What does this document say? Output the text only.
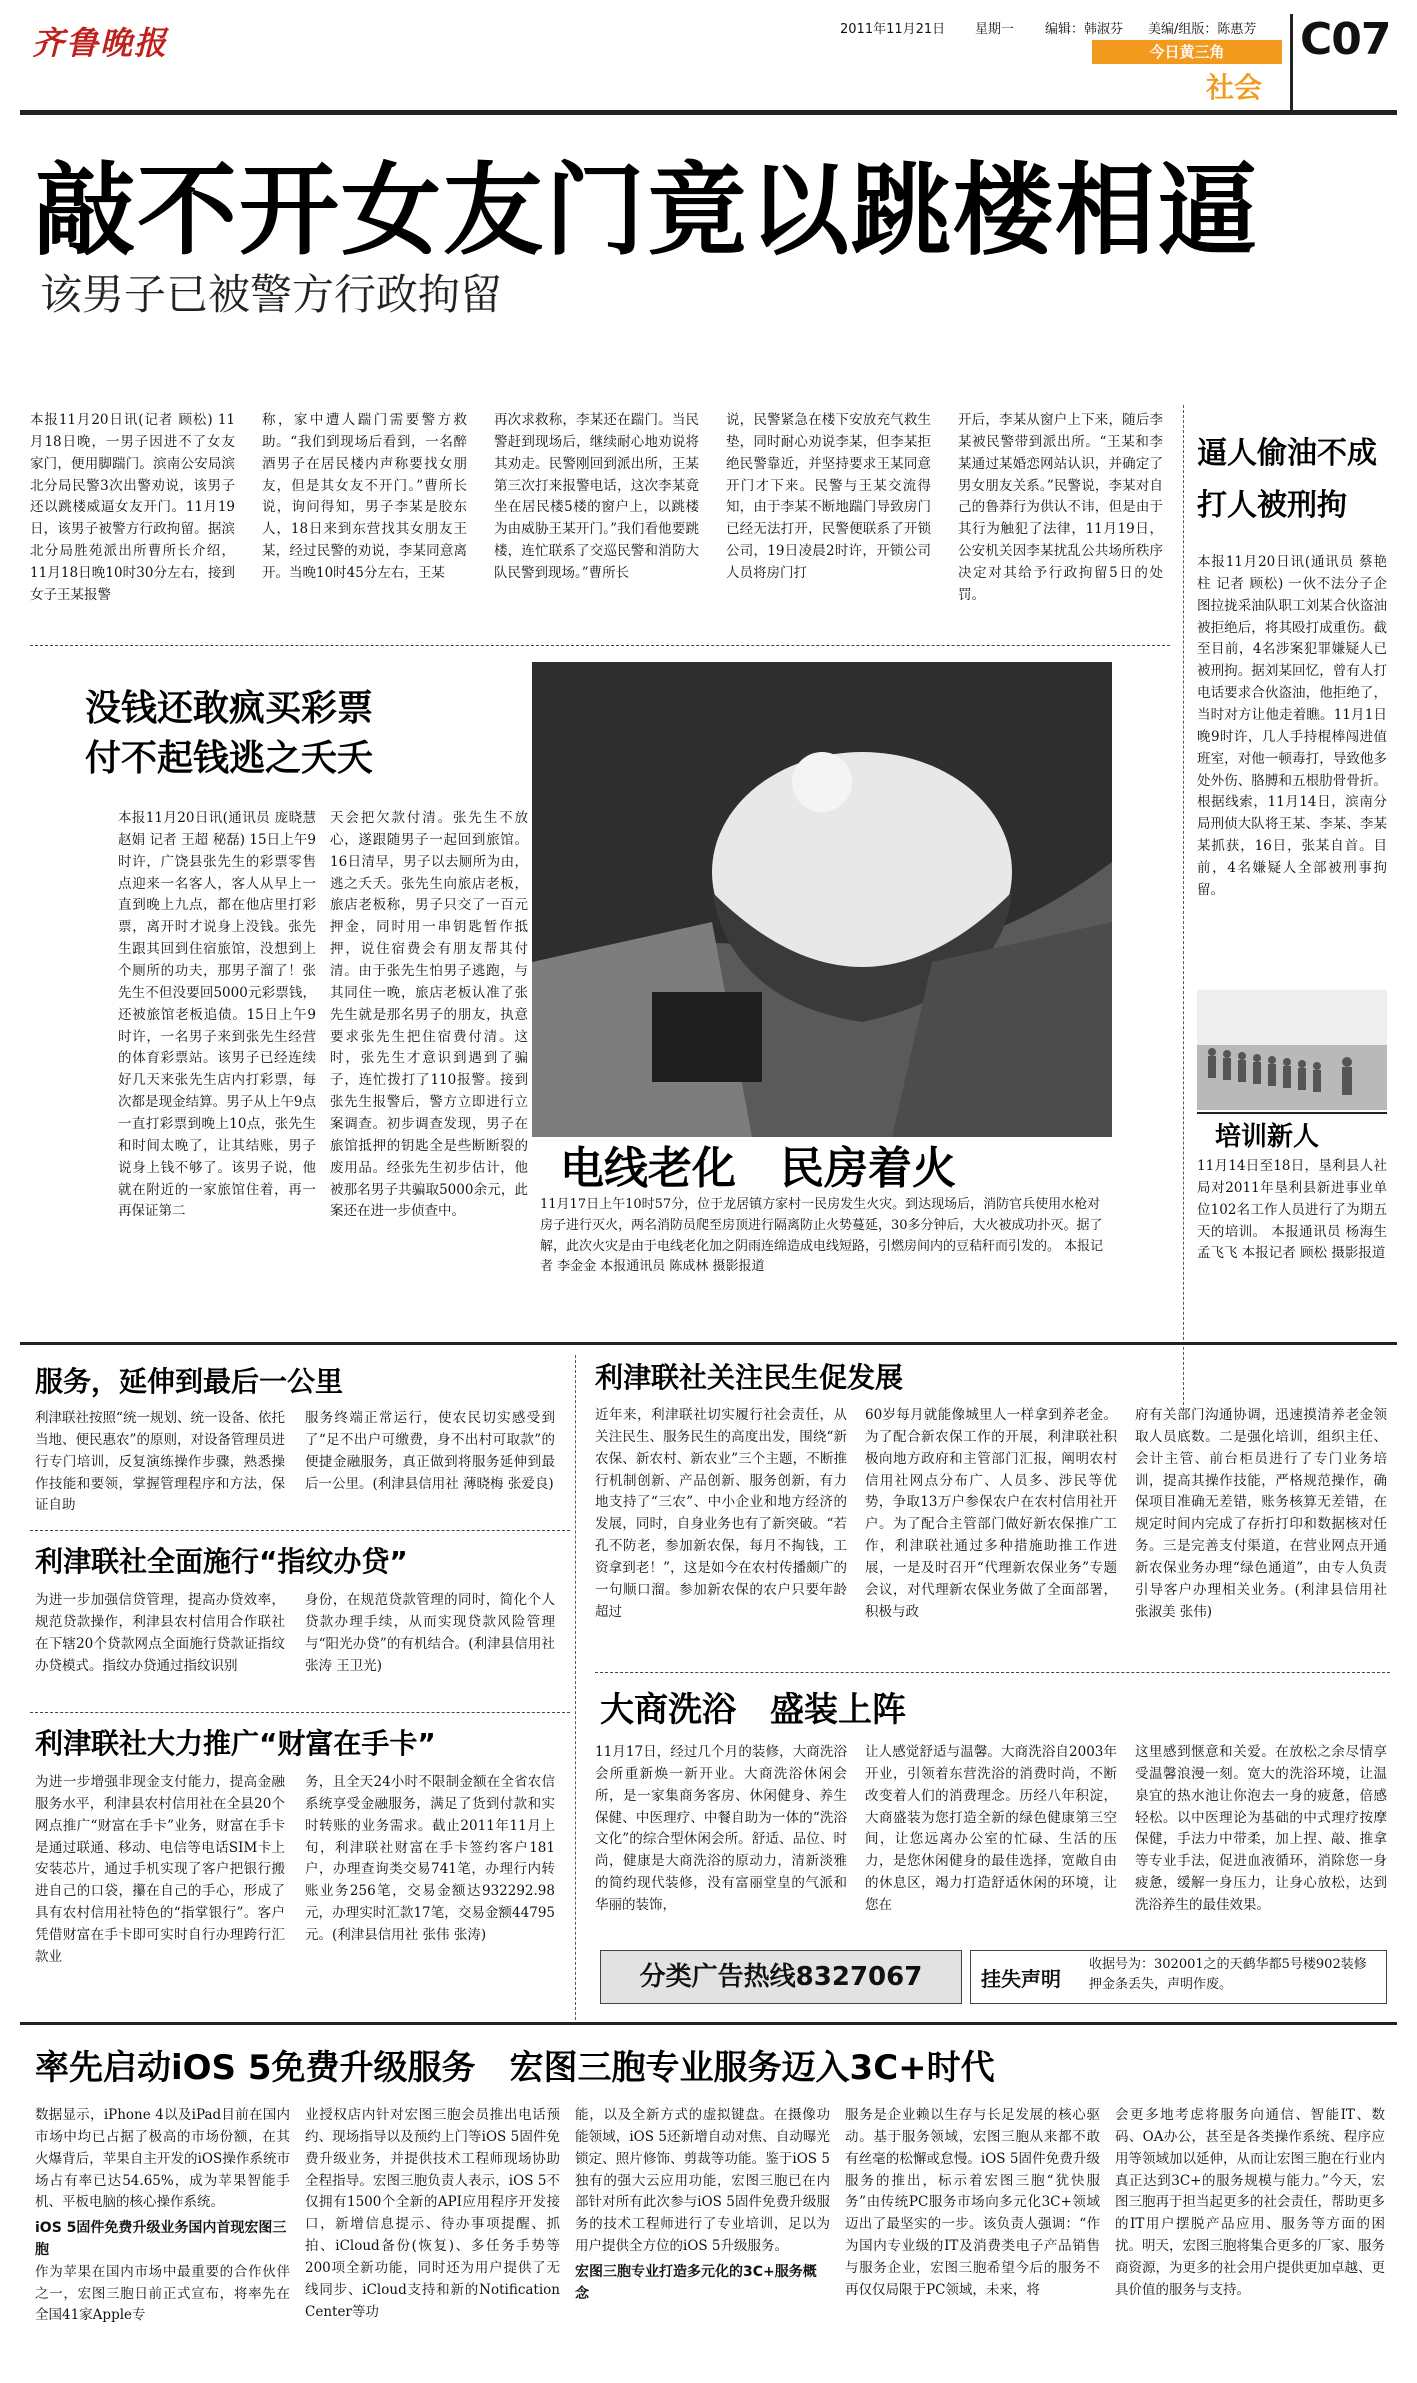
齐鲁晚报	2011年11月21日 星期一 编辑：韩淑芬 美编/组版：陈惠芳
今日黄三角
社会
C07
敲不开女友门竟以跳楼相逼
该男子已被警方行政拘留
本报11月20日讯(记者 顾松) 11月18日晚，一男子因进不了女友家门，便用脚踹门。滨南公安局滨北分局民警3次出警劝说，该男子还以跳楼威逼女友开门。11月19日，该男子被警方行政拘留。据滨北分局胜苑派出所曹所长介绍，11月18日晚10时30分左右，接到女子王某报警
称，家中遭人踹门需要警方救助。“我们到现场后看到，一名醉酒男子在居民楼内声称要找女朋友，但是其女友不开门。”曹所长说，询问得知，男子李某是胶东人，18日来到东营找其女朋友王某，经过民警的劝说，李某同意离开。当晚10时45分左右，王某
再次求救称，李某还在踹门。当民警赶到现场后，继续耐心地劝说将其劝走。民警刚回到派出所，王某第三次打来报警电话，这次李某竟坐在居民楼5楼的窗户上，以跳楼为由威胁王某开门。”我们看他要跳楼，连忙联系了交巡民警和消防大队民警到现场。”曹所长
说，民警紧急在楼下安放充气救生垫，同时耐心劝说李某，但李某拒绝民警靠近，并坚持要求王某同意开门才下来。民警与王某交流得知，由于李某不断地踹门导致房门已经无法打开，民警便联系了开锁公司，19日凌晨2时许，开锁公司人员将房门打
开后，李某从窗户上下来，随后李某被民警带到派出所。“王某和李某通过某婚恋网站认识，并确定了男女朋友关系。”民警说，李某对自己的鲁莽行为供认不讳，但是由于其行为触犯了法律，11月19日，公安机关因李某扰乱公共场所秩序决定对其给予行政拘留5日的处罚。
逼人偷油不成
打人被刑拘
本报11月20日讯(通讯员 蔡艳柱 记者 顾松) 一伙不法分子企图拉拢采油队职工刘某合伙盗油被拒绝后，将其殴打成重伤。截至目前，4名涉案犯罪嫌疑人已被刑拘。据刘某回忆，曾有人打电话要求合伙盗油，他拒绝了，当时对方让他走着瞧。11月1日晚9时许，几人手持棍棒闯进值班室，对他一顿毒打，导致他多处外伤、胳膊和五根肋骨骨折。根据线索，11月14日，滨南分局刑侦大队将王某、李某、李某某抓获，16日，张某自首。目前，4名嫌疑人全部被刑事拘留。
培训新人
11月14日至18日，垦利县人社局对2011年垦利县新进事业单位102名工作人员进行了为期五天的培训。 本报通讯员 杨海生 孟飞飞 本报记者 顾松 摄影报道
没钱还敢疯买彩票
付不起钱逃之夭夭
本报11月20日讯(通讯员 庞晓慧 赵娟 记者 王超 秘磊) 15日上午9时许，广饶县张先生的彩票零售点迎来一名客人，客人从早上一直到晚上九点，都在他店里打彩票，离开时才说身上没钱。张先生跟其回到住宿旅馆，没想到上个厕所的功夫，那男子溜了！张先生不但没要回5000元彩票钱，还被旅馆老板追债。15日上午9时许，一名男子来到张先生经营的体育彩票站。该男子已经连续好几天来张先生店内打彩票，每次都是现金结算。男子从上午9点一直打彩票到晚上10点，张先生和时间太晚了，让其结账，男子说身上钱不够了。该男子说，他就在附近的一家旅馆住着，再一再保证第二
天会把欠款付清。张先生不放心，遂跟随男子一起回到旅馆。16日清早，男子以去厕所为由，逃之夭夭。张先生向旅店老板，旅店老板称，男子只交了一百元押金，同时用一串钥匙暂作抵押，说住宿费会有朋友帮其付清。由于张先生怕男子逃跑，与其同住一晚，旅店老板认准了张先生就是那名男子的朋友，执意要求张先生把住宿费付清。这时，张先生才意识到遇到了骗子，连忙拨打了110报警。接到张先生报警后，警方立即进行立案调查。初步调查发现，男子在旅馆抵押的钥匙全是些断断裂的废用品。经张先生初步估计，他被那名男子共骗取5000余元，此案还在进一步侦查中。
电线老化　民房着火
11月17日上午10时57分，位于龙居镇方家村一民房发生火灾。到达现场后，消防官兵使用水枪对房子进行灭火，两名消防员爬至房顶进行隔离防止火势蔓延，30多分钟后，大火被成功扑灭。据了解，此次火灾是由于电线老化加之阴雨连绵造成电线短路，引燃房间内的豆秸秆而引发的。 本报记者 李金金 本报通讯员 陈成林 摄影报道
服务，延伸到最后一公里
利津联社按照“统一规划、统一设备、依托当地、便民惠农”的原则，对设备管理员进行专门培训，反复演练操作步骤，熟悉操作技能和要领，掌握管理程序和方法，保证自助
服务终端正常运行，使农民切实感受到了“足不出户可缴费，身不出村可取款”的便捷金融服务，真正做到将服务延伸到最后一公里。(利津县信用社 薄晓梅 张爱良)
利津联社全面施行“指纹办贷”
为进一步加强信贷管理，提高办贷效率，规范贷款操作，利津县农村信用合作联社在下辖20个贷款网点全面施行贷款证指纹办贷模式。指纹办贷通过指纹识别
身份，在规范贷款管理的同时，简化个人贷款办理手续，从而实现贷款风险管理与“阳光办贷”的有机结合。(利津县信用社 张涛 王卫光)
利津联社大力推广“财富在手卡”
为进一步增强非现金支付能力，提高金融服务水平，利津县农村信用社在全县20个网点推广“财富在手卡”业务，财富在手卡是通过联通、移动、电信等电话SIM卡上安装芯片，通过手机实现了客户把银行搬进自己的口袋，攥在自己的手心，形成了具有农村信用社特色的“指掌银行”。客户凭借财富在手卡即可实时自行办理跨行汇款业
务，且全天24小时不限制金额在全省农信系统享受金融服务，满足了货到付款和实时转账的业务需求。截止2011年11月上旬，利津联社财富在手卡签约客户181户，办理查询类交易741笔，办理行内转账业务256笔，交易金额达932292.98元，办理实时汇款17笔，交易金额44795元。(利津县信用社 张伟 张涛)
利津联社关注民生促发展
近年来，利津联社切实履行社会责任，从关注民生、服务民生的高度出发，围绕“新农保、新农村、新农业”三个主题，不断推行机制创新、产品创新、服务创新，有力地支持了“三农”、中小企业和地方经济的发展，同时，自身业务也有了新突破。“若孔不防老，参加新农保，每月不掏钱，工资拿到老！”，这是如今在农村传播颇广的一句顺口溜。参加新农保的农户只要年龄超过
60岁每月就能像城里人一样拿到养老金。为了配合新农保工作的开展，利津联社积极向地方政府和主管部门汇报，阐明农村信用社网点分布广、人员多、涉民等优势，争取13万户参保农户在农村信用社开户。为了配合主管部门做好新农保推广工作，利津联社通过多种措施助推工作进展，一是及时召开“代理新农保业务”专题会议，对代理新农保业务做了全面部署，积极与政
府有关部门沟通协调，迅速摸清养老金领取人员底数。二是强化培训，组织主任、会计主管、前台柜员进行了专门业务培训，提高其操作技能，严格规范操作，确保项目准确无差错，账务核算无差错，在规定时间内完成了存折打印和数据核对任务。三是完善支付渠道，在营业网点开通新农保业务办理“绿色通道”，由专人负责引导客户办理相关业务。(利津县信用社 张淑美 张伟)
大商洗浴　盛装上阵
11月17日，经过几个月的装修，大商洗浴会所重新焕一新开业。大商洗浴休闲会所，是一家集商务客房、休闲健身、养生保健、中医理疗、中餐自助为一体的“洗浴文化”的综合型休闲会所。舒适、品位、时尚，健康是大商洗浴的原动力，清新淡雅的简约现代装修，没有富丽堂皇的气派和华丽的装饰，
让人感觉舒适与温馨。大商洗浴自2003年开业，引领着东营洗浴的消费时尚，不断改变着人们的消费理念。历经八年积淀，大商盛装为您打造全新的绿色健康第三空间，让您远离办公室的忙碌、生活的压力，是您休闲健身的最佳选择，宽敞自由的休息区，竭力打造舒适休闲的环境，让您在
这里感到惬意和关爱。在放松之余尽情享受温馨浪漫一刻。宽大的洗浴环境，让温泉宜的热水池让你泡去一身的疲惫，倍感轻松。以中医理论为基础的中式理疗按摩保健，手法力中带柔，加上捏、敲、推拿等专业手法，促进血液循环，消除您一身疲惫，缓解一身压力，让身心放松，达到洗浴养生的最佳效果。
分类广告热线8327067	挂失声明
收据号为：302001之的天鹤华都5号楼902装修押金条丢失，声明作废。
率先启动iOS 5免费升级服务　宏图三胞专业服务迈入3C+时代
数据显示，iPhone 4以及iPad目前在国内市场中均已占据了极高的市场份额，在其火爆背后，苹果自主开发的iOS操作系统市场占有率已达54.65%，成为苹果智能手机、平板电脑的核心操作系统。
iOS 5固件免费升级业务国内首现宏图三胞
作为苹果在国内市场中最重要的合作伙伴之一，宏图三胞日前正式宣布，将率先在全国41家Apple专
业授权店内针对宏图三胞会员推出电话预约、现场指导以及预约上门等iOS 5固件免费升级业务，并提供技术工程师现场协助全程指导。宏图三胞负责人表示，iOS 5不仅拥有1500个全新的API应用程序开发接口，新增信息提示、待办事项提醒、抓拍、iCloud备份(恢复)、多任务手势等200项全新功能，同时还为用户提供了无线同步、iCloud支持和新的Notification Center等功
能，以及全新方式的虚拟键盘。在摄像功能领域，iOS 5还新增自动对焦、自动曝光锁定、照片修饰、剪裁等功能。鉴于iOS 5独有的强大云应用功能，宏图三胞已在内部针对所有此次参与iOS 5固件免费升级服务的技术工程师进行了专业培训，足以为用户提供全方位的iOS 5升级服务。
宏图三胞专业打造多元化的3C+服务概念
服务是企业赖以生存与长足发展的核心驱动。基于服务领域，宏图三胞从来都不敢有丝毫的松懈或怠慢。iOS 5固件免费升级服务的推出，标示着宏图三胞“犹快服务”由传统PC服务市场向多元化3C+领域迈出了最坚实的一步。该负责人强调：“作为国内专业级的IT及消费类电子产品销售与服务企业，宏图三胞希望今后的服务不再仅仅局限于PC领域，未来，将
会更多地考虑将服务向通信、智能IT、数码、OA办公，甚至是各类操作系统、程序应用等领域加以延伸，从而让宏图三胞在行业内真正达到3C+的服务规模与能力。”今天，宏图三胞再于担当起更多的社会责任，帮助更多的IT用户摆脱产品应用、服务等方面的困扰。明天，宏图三胞将集合更多的厂家、服务商资源，为更多的社会用户提供更加卓越、更具价值的服务与支持。
